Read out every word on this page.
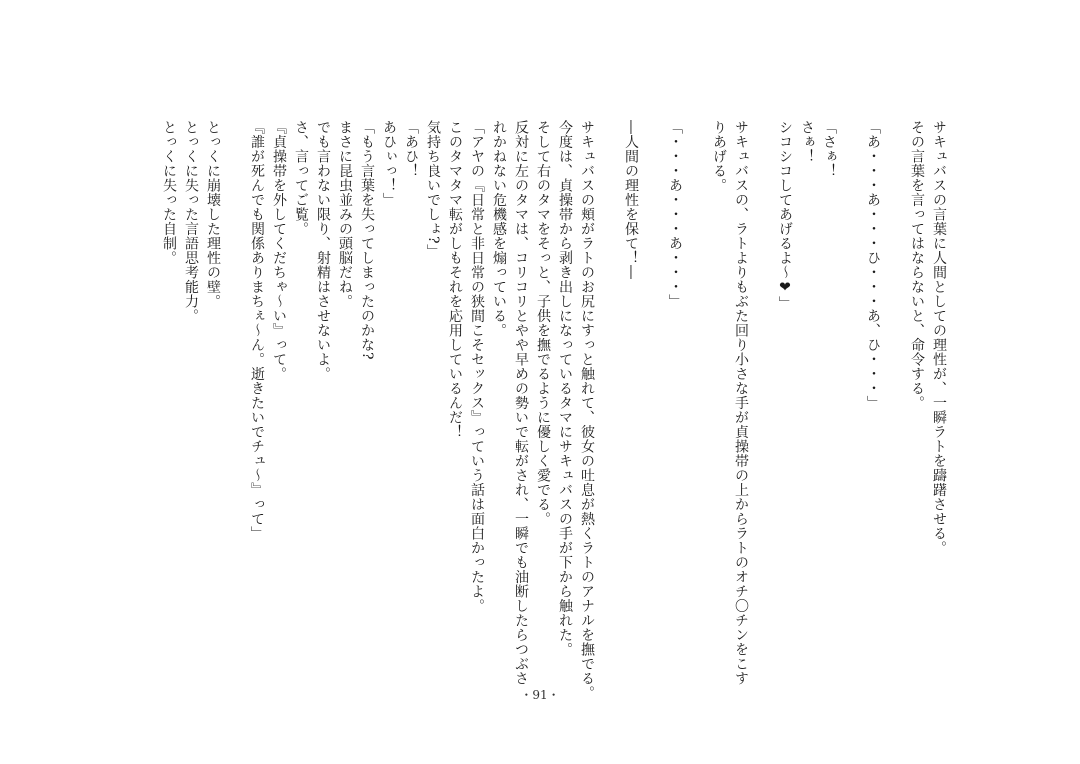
サキュバスの言葉に人間としての理性が、一瞬ラトを躊躇させる。
その言葉を言ってはならないと、命令する。
「あ・・・あ・・・ひ・・・あ、ひ・・・」
「さぁ！
さぁ！
シコシコしてあげるよ〜❤」
サキュバスの、ラトよりもぶた回り小さな手が貞操帯の上からラトのオチ〇チンをこす
りあげる。
「・・・あ・・・あ・・・」
―人間の理性を保て！―
サキュバスの頬がラトのお尻にすっと触れて、彼女の吐息が熱くラトのアナルを撫でる。
今度は、貞操帯から剥き出しになっているタマにサキュバスの手が下から触れた。
そして右のタマをそっと、子供を撫でるように優しく愛でる。
反対に左のタマは、コリコリとやや早めの勢いで転がされ、一瞬でも油断したらつぶさ
れかねない危機感を煽っている。
「アヤの『日常と非日常の狭間こそセックス』っていう話は面白かったよ。
このタマタマ転がしもそれを応用しているんだ！
気持ち良いでしょ?」
「あひ！
あひぃっ！」
「もう言葉を失ってしまったのかな?
まさに昆虫並みの頭脳だね。
でも言わない限り、射精はさせないよ。
さ、言ってご覧。
『貞操帯を外してくだちゃ〜い』って。
『誰が死んでも関係ありまちぇ〜ん。逝きたいでチュ〜』って」
とっくに崩壊した理性の壁。
とっくに失った言語思考能力。
とっくに失った自制。
・91・
